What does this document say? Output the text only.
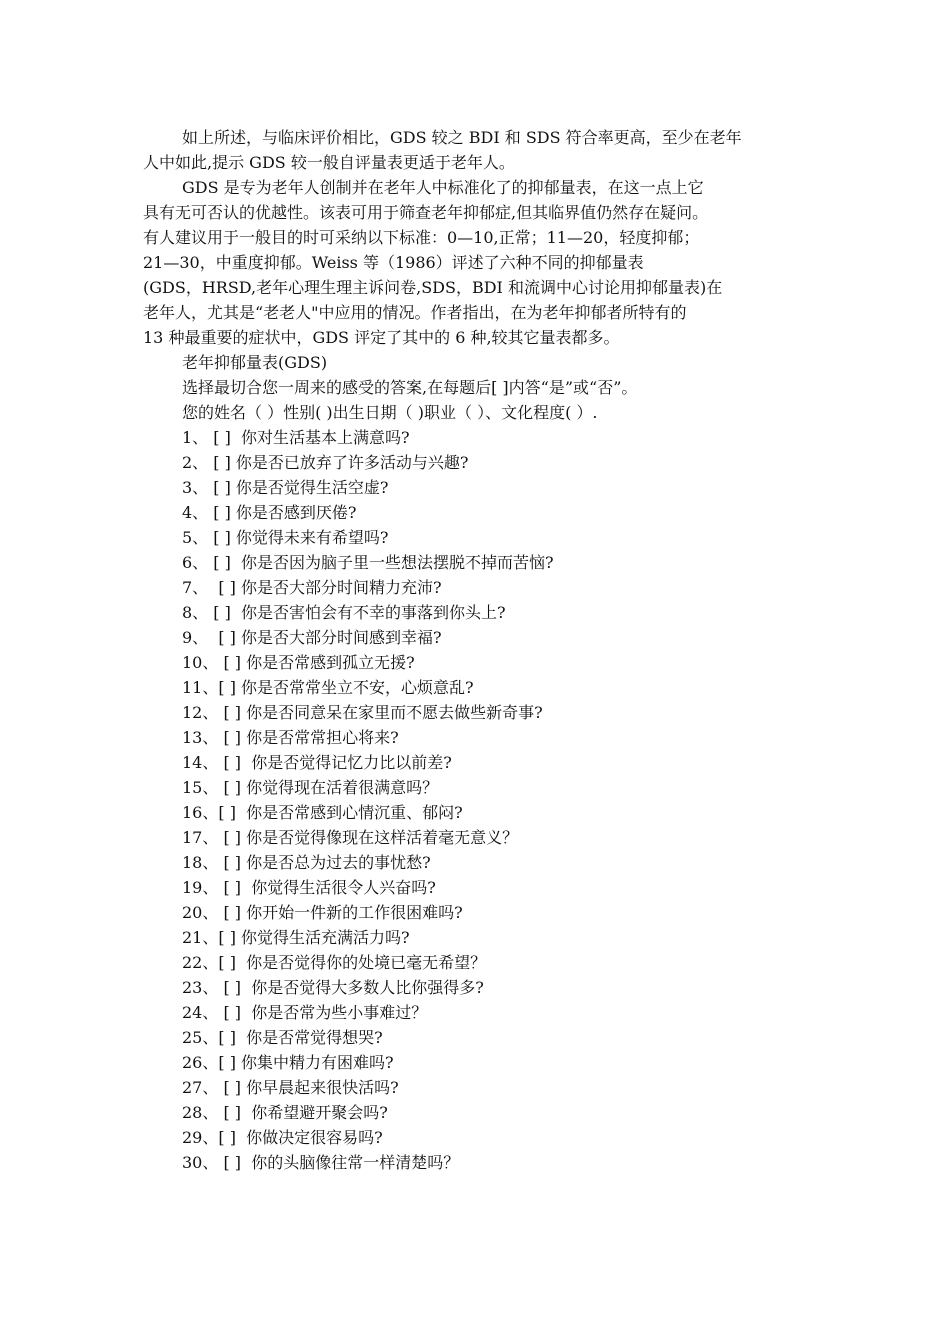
如上所述，与临床评价相比，GDS 较之 BDI 和 SDS 符合率更高，至少在老年
人中如此,提示 GDS 较一般自评量表更适于老年人。
GDS 是专为老年人创制并在老年人中标准化了的抑郁量表，在这一点上它
具有无可否认的优越性。该表可用于筛查老年抑郁症,但其临界值仍然存在疑问。
有人建议用于一般目的时可采纳以下标准：0—10,正常；11—20，轻度抑郁；
21—30，中重度抑郁。Weiss 等（1986）评述了六种不同的抑郁量表
(GDS，HRSD,老年心理生理主诉问卷,SDS，BDI 和流调中心讨论用抑郁量表)在
老年人，尤其是“老老人"中应用的情况。作者指出，在为老年抑郁者所特有的
13 种最重要的症状中，GDS 评定了其中的 6 种,较其它量表都多。
老年抑郁量表(GDS)
选择最切合您一周来的感受的答案,在每题后[ ]内答“是”或“否”。
您的姓名（ ）性别( )出生日期（ )职业（ ）、文化程度( ）.
1、 [ ]  你对生活基本上满意吗?
2、 [ ] 你是否已放弃了许多活动与兴趣?
3、 [ ] 你是否觉得生活空虚?
4、 [ ] 你是否感到厌倦?
5、 [ ] 你觉得未来有希望吗?
6、 [ ]  你是否因为脑子里一些想法摆脱不掉而苦恼?
7、  [ ] 你是否大部分时间精力充沛?
8、 [ ]  你是否害怕会有不幸的事落到你头上?
9、  [ ] 你是否大部分时间感到幸福?
10、 [ ] 你是否常感到孤立无援?
11、[ ] 你是否常常坐立不安，心烦意乱?
12、 [ ] 你是否同意呆在家里而不愿去做些新奇事?
13、 [ ] 你是否常常担心将来?
14、 [ ]  你是否觉得记忆力比以前差?
15、 [ ] 你觉得现在活着很满意吗？
16、[ ]  你是否常感到心情沉重、郁闷?
17、 [ ] 你是否觉得像现在这样活着毫无意义？
18、 [ ] 你是否总为过去的事忧愁?
19、 [ ]  你觉得生活很令人兴奋吗?
20、 [ ] 你开始一件新的工作很困难吗?
21、[ ] 你觉得生活充满活力吗?
22、[ ]  你是否觉得你的处境已毫无希望？
23、 [ ]  你是否觉得大多数人比你强得多?
24、 [ ]  你是否常为些小事难过？
25、[ ]  你是否常觉得想哭?
26、[ ] 你集中精力有困难吗?
27、 [ ] 你早晨起来很快活吗?
28、 [ ]  你希望避开聚会吗?
29、[ ]  你做决定很容易吗?
30、 [ ]  你的头脑像往常一样清楚吗？
